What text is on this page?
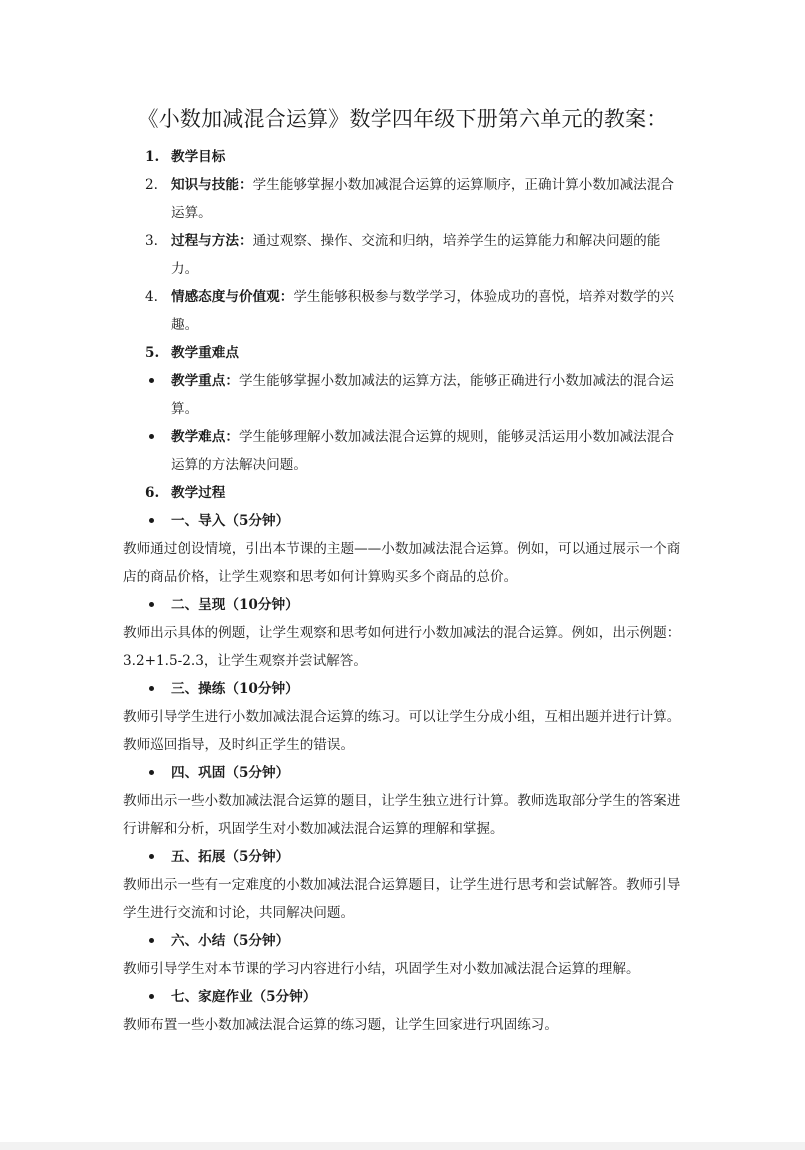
《小数加减混合运算》数学四年级下册第六单元的教案：
1. 教学目标
2. 知识与技能：学生能够掌握小数加减混合运算的运算顺序，正确计算小数加减法混合运算。
3. 过程与方法：通过观察、操作、交流和归纳，培养学生的运算能力和解决问题的能力。
4. 情感态度与价值观：学生能够积极参与数学学习，体验成功的喜悦，培养对数学的兴趣。
5. 教学重难点
教学重点：学生能够掌握小数加减法的运算方法，能够正确进行小数加减法的混合运算。
教学难点：学生能够理解小数加减法混合运算的规则，能够灵活运用小数加减法混合运算的方法解决问题。
6. 教学过程
一、导入（5分钟）
教师通过创设情境，引出本节课的主题——小数加减法混合运算。例如，可以通过展示一个商店的商品价格，让学生观察和思考如何计算购买多个商品的总价。
二、呈现（10分钟）
教师出示具体的例题，让学生观察和思考如何进行小数加减法的混合运算。例如，出示例题：3.2+1.5-2.3，让学生观察并尝试解答。
三、操练（10分钟）
教师引导学生进行小数加减法混合运算的练习。可以让学生分成小组，互相出题并进行计算。教师巡回指导，及时纠正学生的错误。
四、巩固（5分钟）
教师出示一些小数加减法混合运算的题目，让学生独立进行计算。教师选取部分学生的答案进行讲解和分析，巩固学生对小数加减法混合运算的理解和掌握。
五、拓展（5分钟）
教师出示一些有一定难度的小数加减法混合运算题目，让学生进行思考和尝试解答。教师引导学生进行交流和讨论，共同解决问题。
六、小结（5分钟）
教师引导学生对本节课的学习内容进行小结，巩固学生对小数加减法混合运算的理解。
七、家庭作业（5分钟）
教师布置一些小数加减法混合运算的练习题，让学生回家进行巩固练习。
